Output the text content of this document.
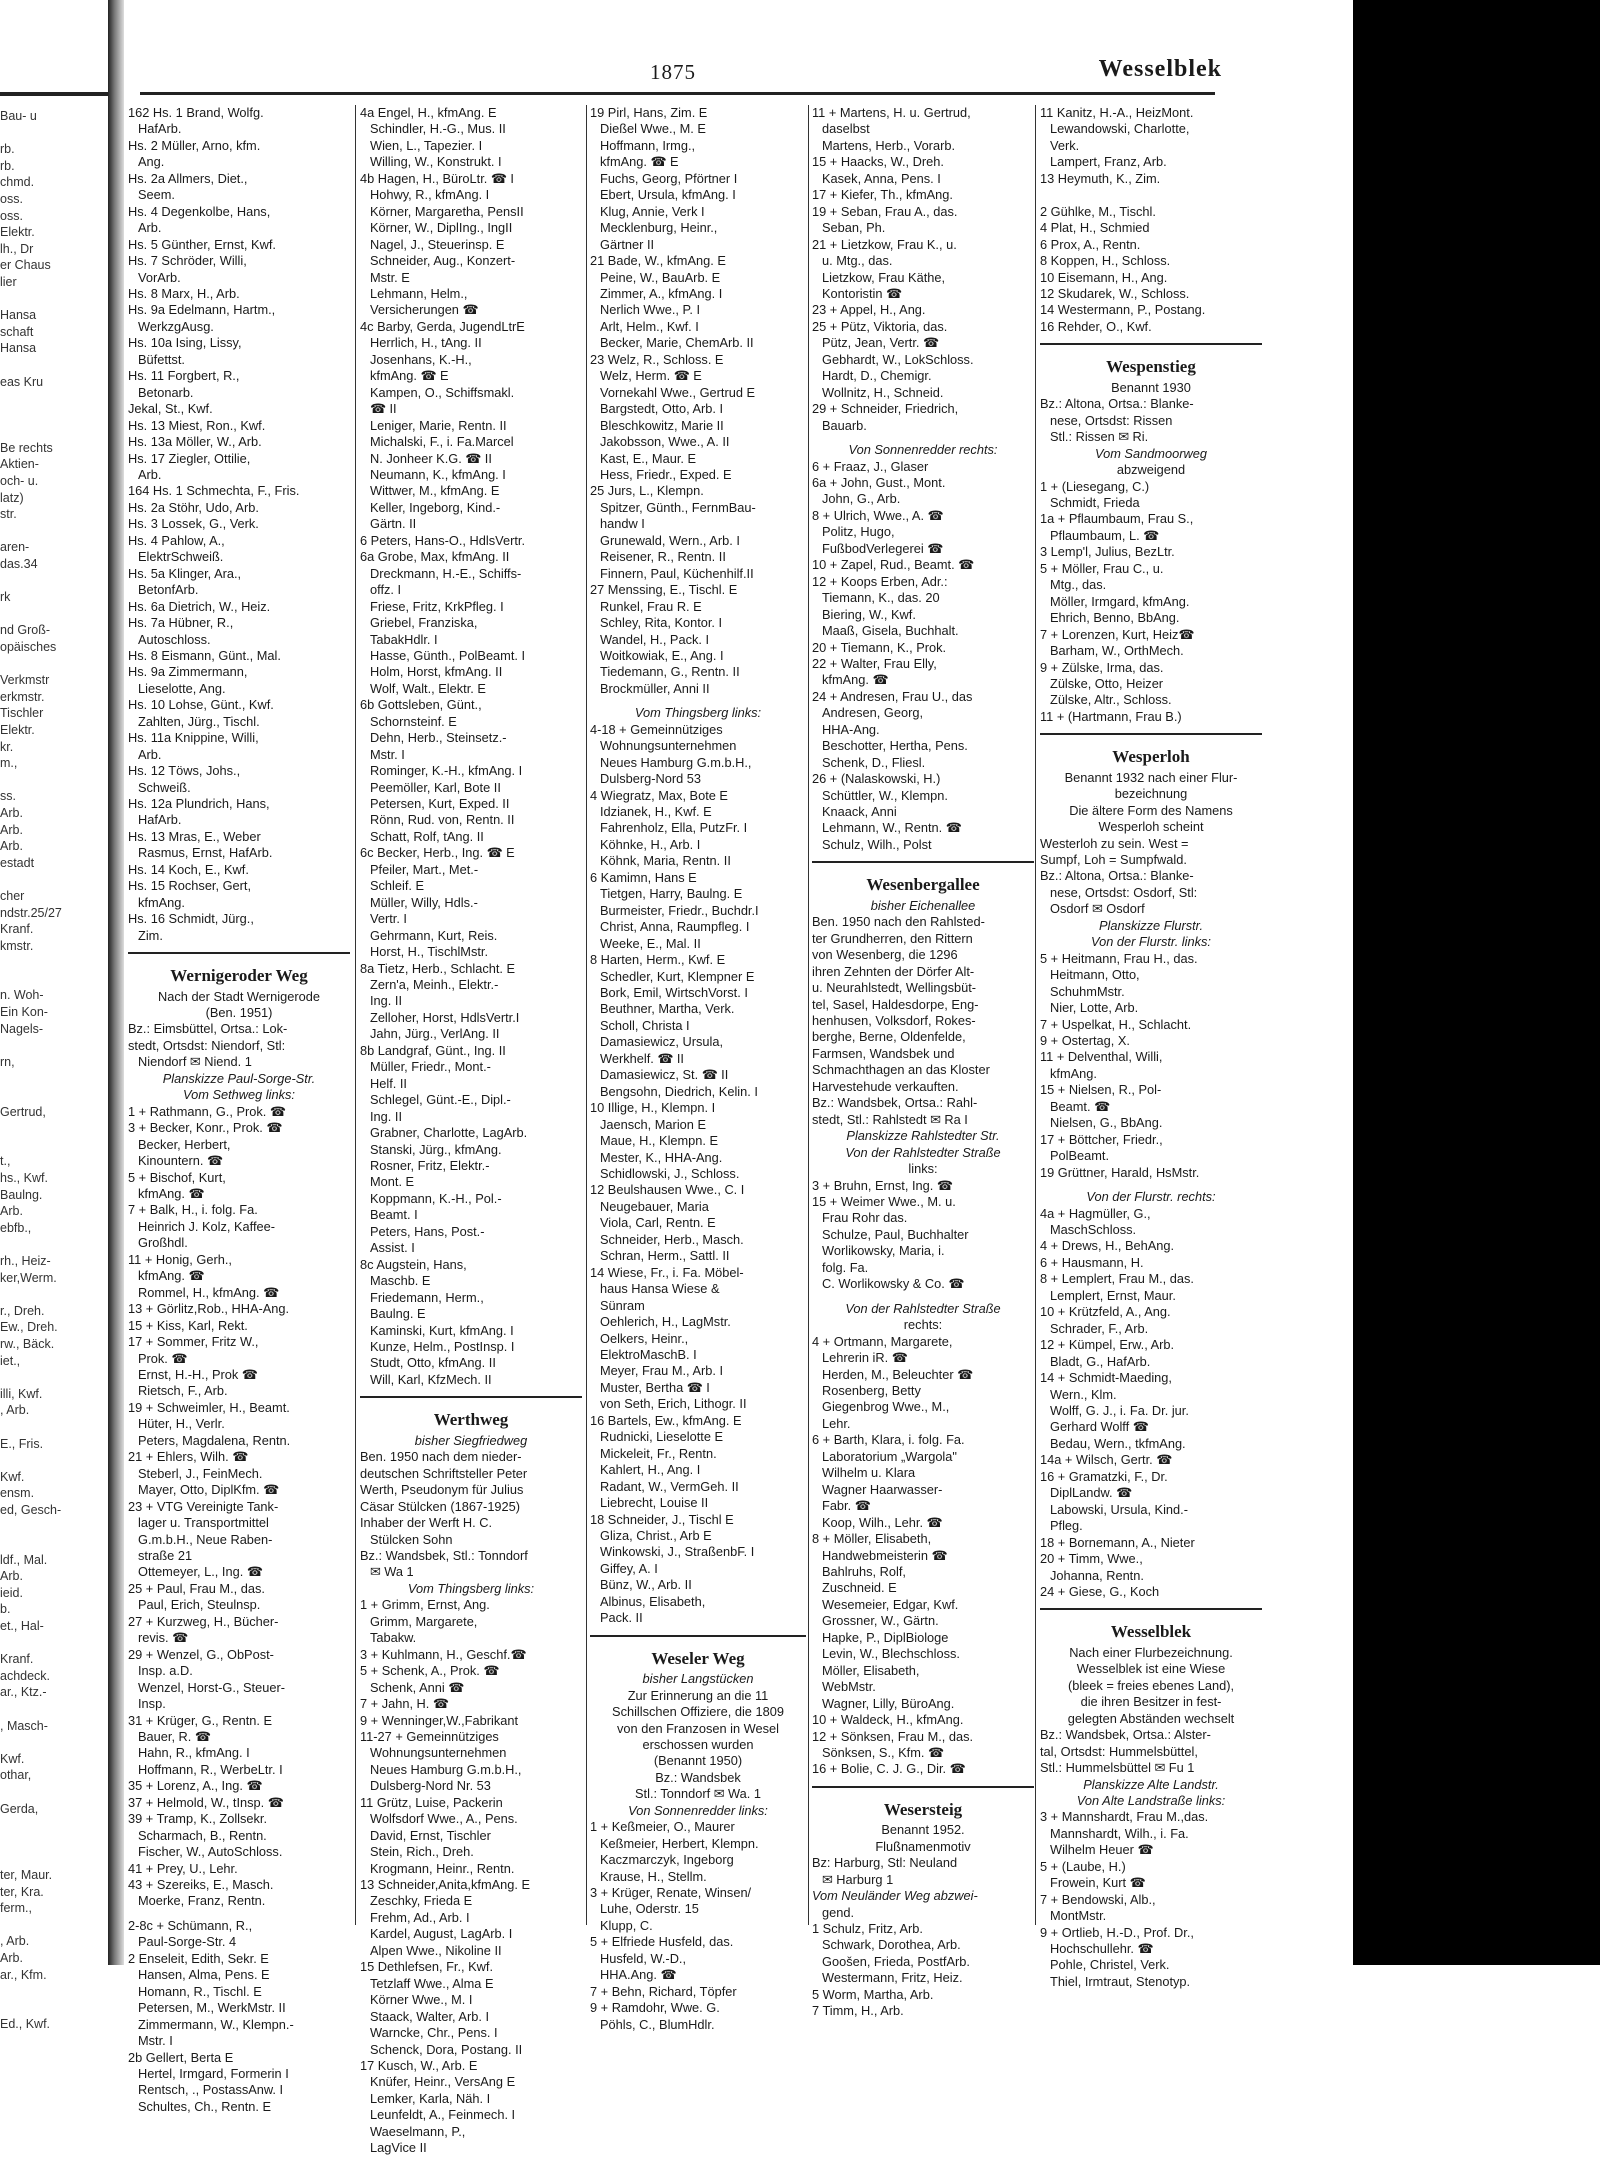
1875	Wesselblek
Bau- u

rb.
rb.
chmd.
oss.
oss.
Elektr.
lh., Dr
er Chaus
lier

Hansa
schaft
Hansa

eas Kru

Be rechts
Aktien-
och- u.
latz)
str.

aren-
das.34

rk

nd Groß-
opäisches

Verkmstr
erkmstr.
Tischler
Elektr.
kr.
m.,

ss.
Arb.
Arb.
Arb.
estadt

cher
ndstr.25/27
Kranf.
kmstr.

n. Woh-
Ein Kon-
Nagels-

rn,

Gertrud,

t.,
hs., Kwf.
Baulng.
Arb.
ebfb.,

rh., Heiz-
ker,Werm.

r., Dreh.
Ew., Dreh.
rw., Bäck.
iet.,

illi, Kwf.
, Arb.

E., Fris.

Kwf.
ensm.
ed, Gesch-

ldf., Mal.
Arb.
ieid.
b.
et., Hal-

Kranf.
achdeck.
ar., Ktz.-

, Masch-

Kwf.
othar,

Gerda,

ter, Maur.
ter, Kra.
ferm.,

, Arb.
Arb.
ar., Kfm.

Ed., Kwf.
162 Hs. 1 Brand, Wolfg.
HafArb.
Hs. 2 Müller, Arno, kfm.
Ang.
Hs. 2a Allmers, Diet.,
Seem.
Hs. 4 Degenkolbe, Hans,
Arb.
Hs. 5 Günther, Ernst, Kwf.
Hs. 7 Schröder, Willi,
VorArb.
Hs. 8 Marx, H., Arb.
Hs. 9a Edelmann, Hartm.,
WerkzgAusg.
Hs. 10a Ising, Lissy,
Büfettst.
Hs. 11 Forgbert, R.,
Betonarb.
Jekal, St., Kwf.
Hs. 13 Miest, Ron., Kwf.
Hs. 13a Möller, W., Arb.
Hs. 17 Ziegler, Ottilie,
Arb.
164 Hs. 1 Schmechta, F., Fris.
Hs. 2a Stöhr, Udo, Arb.
Hs. 3 Lossek, G., Verk.
Hs. 4 Pahlow, A.,
ElektrSchweiß.
Hs. 5a Klinger, Ara.,
BetonfArb.
Hs. 6a Dietrich, W., Heiz.
Hs. 7a Hübner, R.,
Autoschloss.
Hs. 8 Eismann, Günt., Mal.
Hs. 9a Zimmermann,
Lieselotte, Ang.
Hs. 10 Lohse, Günt., Kwf.
Zahlten, Jürg., Tischl.
Hs. 11a Knippine, Willi,
Arb.
Hs. 12 Töws, Johs.,
Schweiß.
Hs. 12a Plundrich, Hans,
HafArb.
Hs. 13 Mras, E., Weber
Rasmus, Ernst, HafArb.
Hs. 14 Koch, E., Kwf.
Hs. 15 Rochser, Gert,
kfmAng.
Hs. 16 Schmidt, Jürg.,
Zim.
Wernigeroder Weg
Nach der Stadt Wernigerode
(Ben. 1951)
Bz.: Eimsbüttel, Ortsa.: Lok-
stedt, Ortsdst: Niendorf, Stl:
Niendorf ✉ Niend. 1
Planskizze Paul-Sorge-Str.
Vom Sethweg links:
1 + Rathmann, G., Prok. ☎
3 + Becker, Konr., Prok. ☎
Becker, Herbert,
Kinountern. ☎
5 + Bischof, Kurt,
kfmAng. ☎
7 + Balk, H., i. folg. Fa.
Heinrich J. Kolz, Kaffee-
Großhdl.
11 + Honig, Gerh.,
kfmAng. ☎
Rommel, H., kfmAng. ☎
13 + Görlitz,Rob., HHA-Ang.
15 + Kiss, Karl, Rekt.
17 + Sommer, Fritz W.,
Prok. ☎
Ernst, H.-H., Prok ☎
Rietsch, F., Arb.
19 + Schweimler, H., Beamt.
Hüter, H., Verlr.
Peters, Magdalena, Rentn.
21 + Ehlers, Wilh. ☎
Steberl, J., FeinMech.
Mayer, Otto, DiplKfm. ☎
23 + VTG Vereinigte Tank-
lager u. Transportmittel
G.m.b.H., Neue Raben-
straße 21
Ottemeyer, L., Ing. ☎
25 + Paul, Frau M., das.
Paul, Erich, Steulnsp.
27 + Kurzweg, H., Bücher-
revis. ☎
29 + Wenzel, G., ObPost-
Insp. a.D.
Wenzel, Horst-G., Steuer-
Insp.
31 + Krüger, G., Rentn. E
Bauer, R. ☎
Hahn, R., kfmAng. I
Hoffmann, R., WerbeLtr. I
35 + Lorenz, A., Ing. ☎
37 + Helmold, W., tInsp. ☎
39 + Tramp, K., Zollsekr.
Scharmach, B., Rentn.
Fischer, W., AutoSchloss.
41 + Prey, U., Lehr.
43 + Szereiks, E., Masch.
Moerke, Franz, Rentn.
2-8c + Schümann, R.,
Paul-Sorge-Str. 4
2 Enseleit, Edith, Sekr. E
Hansen, Alma, Pens. E
Homann, R., Tischl. E
Petersen, M., WerkMstr. II
Zimmermann, W., Klempn.-
Mstr. I
2b Gellert, Berta E
Hertel, Irmgard, Formerin I
Rentsch, ., PostassAnw. I
Schultes, Ch., Rentn. E
4a Engel, H., kfmAng. E
Schindler, H.-G., Mus. II
Wien, L., Tapezier. I
Willing, W., Konstrukt. I
4b Hagen, H., BüroLtr. ☎ I
Hohwy, R., kfmAng. I
Körner, Margaretha, PensII
Körner, W., DiplIng., IngII
Nagel, J., Steuerinsp. E
Schneider, Aug., Konzert-
Mstr. E
Lehmann, Helm.,
Versicherungen ☎
4c Barby, Gerda, JugendLtrE
Herrlich, H., tAng. II
Josenhans, K.-H.,
kfmAng. ☎ E
Kampen, O., Schiffsmakl.
☎ II
Leniger, Marie, Rentn. II
Michalski, F., i. Fa.Marcel
N. Jonheer K.G. ☎ II
Neumann, K., kfmAng. I
Wittwer, M., kfmAng. E
Keller, Ingeborg, Kind.-
Gärtn. II
6 Peters, Hans-O., HdlsVertr.
6a Grobe, Max, kfmAng. II
Dreckmann, H.-E., Schiffs-
offz. I
Friese, Fritz, KrkPfleg. I
Griebel, Franziska,
TabakHdlr. I
Hasse, Günth., PolBeamt. I
Holm, Horst, kfmAng. II
Wolf, Walt., Elektr. E
6b Gottsleben, Günt.,
Schornsteinf. E
Dehn, Herb., Steinsetz.-
Mstr. I
Rominger, K.-H., kfmAng. I
Peemöller, Karl, Bote II
Petersen, Kurt, Exped. II
Rönn, Rud. von, Rentn. II
Schatt, Rolf, tAng. II
6c Becker, Herb., Ing. ☎ E
Pfeiler, Mart., Met.-
Schleif. E
Müller, Willy, Hdls.-
Vertr. I
Gehrmann, Kurt, Reis.
Horst, H., TischlMstr.
8a Tietz, Herb., Schlacht. E
Zern'a, Meinh., Elektr.-
Ing. II
Zelloher, Horst, HdlsVertr.I
Jahn, Jürg., VerlAng. II
8b Landgraf, Günt., Ing. II
Müller, Friedr., Mont.-
Helf. II
Schlegel, Günt.-E., Dipl.-
Ing. II
Grabner, Charlotte, LagArb.
Stanski, Jürg., kfmAng.
Rosner, Fritz, Elektr.-
Mont. E
Koppmann, K.-H., Pol.-
Beamt. I
Peters, Hans, Post.-
Assist. I
8c Augstein, Hans,
Maschb. E
Friedemann, Herm.,
Baulng. E
Kaminski, Kurt, kfmAng. I
Kunze, Helm., PostInsp. I
Studt, Otto, kfmAng. II
Will, Karl, KfzMech. II
Werthweg
bisher Siegfriedweg
Ben. 1950 nach dem nieder-
deutschen Schriftsteller Peter
Werth, Pseudonym für Julius
Cäsar Stülcken (1867-1925)
Inhaber der Werft H. C.
Stülcken Sohn
Bz.: Wandsbek, Stl.: Tonndorf
✉ Wa 1
Vom Thingsberg links:
1 + Grimm, Ernst, Ang.
Grimm, Margarete,
Tabakw.
3 + Kuhlmann, H., Geschf.☎
5 + Schenk, A., Prok. ☎
Schenk, Anni ☎
7 + Jahn, H. ☎
9 + Wenninger,W.,Fabrikant
11-27 + Gemeinnütziges
Wohnungsunternehmen
Neues Hamburg G.m.b.H.,
Dulsberg-Nord Nr. 53
11 Grütz, Luise, Packerin
Wolfsdorf Wwe., A., Pens.
David, Ernst, Tischler
Stein, Rich., Dreh.
Krogmann, Heinr., Rentn.
13 Schneider,Anita,kfmAng. E
Zeschky, Frieda E
Frehm, Ad., Arb. I
Kardel, August, LagArb. I
Alpen Wwe., Nikoline II
15 Dethlefsen, Fr., Kwf.
Tetzlaff Wwe., Alma E
Körner Wwe., M. I
Staack, Walter, Arb. I
Warncke, Chr., Pens. I
Schenck, Dora, Postang. II
17 Kusch, W., Arb. E
Knüfer, Heinr., VersAng E
Lemker, Karla, Näh. I
Leunfeldt, A., Feinmech. I
Waeselmann, P.,
LagVice II
19 Pirl, Hans, Zim. E
Dießel Wwe., M. E
Hoffmann, Irmg.,
kfmAng. ☎ E
Fuchs, Georg, Pförtner I
Ebert, Ursula, kfmAng. I
Klug, Annie, Verk I
Mecklenburg, Heinr.,
Gärtner II
21 Bade, W., kfmAng. E
Peine, W., BauArb. E
Zimmer, A., kfmAng. I
Nerlich Wwe., P. I
Arlt, Helm., Kwf. I
Becker, Marie, ChemArb. II
23 Welz, R., Schloss. E
Welz, Herm. ☎ E
Vornekahl Wwe., Gertrud E
Bargstedt, Otto, Arb. I
Bleschkowitz, Marie II
Jakobsson, Wwe., A. II
Kast, E., Maur. E
Hess, Friedr., Exped. E
25 Jurs, L., Klempn.
Spitzer, Günth., FernmBau-
handw I
Grunewald, Wern., Arb. I
Reisener, R., Rentn. II
Finnern, Paul, Küchenhilf.II
27 Menssing, E., Tischl. E
Runkel, Frau R. E
Schley, Rita, Kontor. I
Wandel, H., Pack. I
Woitkowiak, E., Ang. I
Tiedemann, G., Rentn. II
Brockmüller, Anni II
Vom Thingsberg links:
4-18 + Gemeinnütziges
Wohnungsunternehmen
Neues Hamburg G.m.b.H.,
Dulsberg-Nord 53
4 Wiegratz, Max, Bote E
Idzianek, H., Kwf. E
Fahrenholz, Ella, PutzFr. I
Köhnke, H., Arb. I
Köhnk, Maria, Rentn. II
6 Kamimn, Hans E
Tietgen, Harry, Baulng. E
Burmeister, Friedr., Buchdr.I
Christ, Anna, Raumpfleg. I
Weeke, E., Mal. II
8 Harten, Herm., Kwf. E
Schedler, Kurt, Klempner E
Bork, Emil, WirtschVorst. I
Beuthner, Martha, Verk.
Scholl, Christa I
Damasiewicz, Ursula,
Werkhelf. ☎ II
Damasiewicz, St. ☎ II
Bengsohn, Diedrich, Kelin. I
10 Illige, H., Klempn. I
Jaensch, Marion E
Maue, H., Klempn. E
Mester, K., HHA-Ang.
Schidlowski, J., Schloss.
12 Beulshausen Wwe., C. I
Neugebauer, Maria
Viola, Carl, Rentn. E
Schneider, Herb., Masch.
Schran, Herm., Sattl. II
14 Wiese, Fr., i. Fa. Möbel-
haus Hansa Wiese &
Sünram
Oehlerich, H., LagMstr.
Oelkers, Heinr.,
ElektroMaschB. I
Meyer, Frau M., Arb. I
Muster, Bertha ☎ I
von Seth, Erich, Lithogr. II
16 Bartels, Ew., kfmAng. E
Rudnicki, Lieselotte E
Mickeleit, Fr., Rentn.
Kahlert, H., Ang. I
Radant, W., VermGeh. II
Liebrecht, Louise II
18 Schneider, J., Tischl E
Gliza, Christ., Arb E
Winkowski, J., StraßenbF. I
Giffey, A. I
Bünz, W., Arb. II
Albinus, Elisabeth,
Pack. II
Weseler Weg
bisher Langstücken
Zur Erinnerung an die 11
Schillschen Offiziere, die 1809
von den Franzosen in Wesel
erschossen wurden
(Benannt 1950)
Bz.: Wandsbek
Stl.: Tonndorf ✉ Wa. 1
Von Sonnenredder links:
1 + Keßmeier, O., Maurer
Keßmeier, Herbert, Klempn.
Kaczmarczyk, Ingeborg
Krause, H., Stellm.
3 + Krüger, Renate, Winsen/
Luhe, Oderstr. 15
Klupp, C.
5 + Elfriede Husfeld, das.
Husfeld, W.-D.,
HHA.Ang. ☎
7 + Behn, Richard, Töpfer
9 + Ramdohr, Wwe. G.
Pöhls, C., BlumHdlr.
11 + Martens, H. u. Gertrud,
daselbst
Martens, Herb., Vorarb.
15 + Haacks, W., Dreh.
Kasek, Anna, Pens. I
17 + Kiefer, Th., kfmAng.
19 + Seban, Frau A., das.
Seban, Ph.
21 + Lietzkow, Frau K., u.
u. Mtg., das.
Lietzkow, Frau Käthe,
Kontoristin ☎
23 + Appel, H., Ang.
25 + Pütz, Viktoria, das.
Pütz, Jean, Vertr. ☎
Gebhardt, W., LokSchloss.
Hardt, D., Chemigr.
Wollnitz, H., Schneid.
29 + Schneider, Friedrich,
Bauarb.
Von Sonnenredder rechts:
6 + Fraaz, J., Glaser
6a + John, Gust., Mont.
John, G., Arb.
8 + Ulrich, Wwe., A. ☎
Politz, Hugo,
FußbodVerlegerei ☎
10 + Zapel, Rud., Beamt. ☎
12 + Koops Erben, Adr.:
Tiemann, K., das. 20
Biering, W., Kwf.
Maaß, Gisela, Buchhalt.
20 + Tiemann, K., Prok.
22 + Walter, Frau Elly,
kfmAng. ☎
24 + Andresen, Frau U., das
Andresen, Georg,
HHA-Ang.
Beschotter, Hertha, Pens.
Schenk, D., Fliesl.
26 + (Nalaskowski, H.)
Schüttler, W., Klempn.
Knaack, Anni
Lehmann, W., Rentn. ☎
Schulz, Wilh., Polst
Wesenbergallee
bisher Eichenallee
Ben. 1950 nach den Rahlsted-
ter Grundherren, den Rittern
von Wesenberg, die 1296
ihren Zehnten der Dörfer Alt-
u. Neurahlstedt, Wellingsbüt-
tel, Sasel, Haldesdorpe, Eng-
henhusen, Volksdorf, Rokes-
berghe, Berne, Oldenfelde,
Farmsen, Wandsbek und
Schmachthagen an das Kloster
Harvestehude verkauften.
Bz.: Wandsbek, Ortsa.: Rahl-
stedt, Stl.: Rahlstedt ✉ Ra I
Planskizze Rahlstedter Str.
Von der Rahlstedter Straße
links:
3 + Bruhn, Ernst, Ing. ☎
15 + Weimer Wwe., M. u.
Frau Rohr das.
Schulze, Paul, Buchhalter
Worlikowsky, Maria, i.
folg. Fa.
C. Worlikowsky & Co. ☎
Von der Rahlstedter Straße
rechts:
4 + Ortmann, Margarete,
Lehrerin iR. ☎
Herden, M., Beleuchter ☎
Rosenberg, Betty
Giegenbrog Wwe., M.,
Lehr.
6 + Barth, Klara, i. folg. Fa.
Laboratorium „Wargola"
Wilhelm u. Klara
Wagner Haarwasser-
Fabr. ☎
Koop, Wilh., Lehr. ☎
8 + Möller, Elisabeth,
Handwebmeisterin ☎
Bahlruhs, Rolf,
Zuschneid. E
Wesemeier, Edgar, Kwf.
Grossner, W., Gärtn.
Hapke, P., DiplBiologe
Levin, W., Blechschloss.
Möller, Elisabeth,
WebMstr.
Wagner, Lilly, BüroAng.
10 + Waldeck, H., kfmAng.
12 + Sönksen, Frau M., das.
Sönksen, S., Kfm. ☎
16 + Bolie, C. J. G., Dir. ☎
Wesersteig
Benannt 1952.
Flußnamenmotiv
Bz: Harburg, Stl: Neuland
✉ Harburg 1
Vom Neuländer Weg abzwei-
gend.
1 Schulz, Fritz, Arb.
Schwark, Dorothea, Arb.
Goošen, Frieda, PostfArb.
Westermann, Fritz, Heiz.
5 Worm, Martha, Arb.
7 Timm, H., Arb.
11 Kanitz, H.-A., HeizMont.
Lewandowski, Charlotte,
Verk.
Lampert, Franz, Arb.
13 Heymuth, K., Zim.

2 Gühlke, M., Tischl.
4 Plat, H., Schmied
6 Prox, A., Rentn.
8 Koppen, H., Schloss.
10 Eisemann, H., Ang.
12 Skudarek, W., Schloss.
14 Westermann, P., Postang.
16 Rehder, O., Kwf.
Wespenstieg
Benannt 1930
Bz.: Altona, Ortsa.: Blanke-
nese, Ortsdst: Rissen
Stl.: Rissen ✉ Ri.
Vom Sandmoorweg
abzweigend
1 + (Liesegang, C.)
Schmidt, Frieda
1a + Pflaumbaum, Frau S.,
Pflaumbaum, L. ☎
3 Lemp'l, Julius, BezLtr.
5 + Möller, Frau C., u.
Mtg., das.
Möller, Irmgard, kfmAng.
Ehrich, Benno, BbAng.
7 + Lorenzen, Kurt, Heiz☎
Barham, W., OrthMech.
9 + Zülske, Irma, das.
Zülske, Otto, Heizer
Zülske, Altr., Schloss.
11 + (Hartmann, Frau B.)
Wesperloh
Benannt 1932 nach einer Flur-
bezeichnung
Die ältere Form des Namens
Wesperloh scheint
Westerloh zu sein. West =
Sumpf, Loh = Sumpfwald.
Bz.: Altona, Ortsa.: Blanke-
nese, Ortsdst: Osdorf, Stl:
Osdorf ✉ Osdorf
Planskizze Flurstr.
Von der Flurstr. links:
5 + Heitmann, Frau H., das.
Heitmann, Otto,
SchuhmMstr.
Nier, Lotte, Arb.
7 + Uspelkat, H., Schlacht.
9 + Ostertag, X.
11 + Delventhal, Willi,
kfmAng.
15 + Nielsen, R., Pol-
Beamt. ☎
Nielsen, G., BbAng.
17 + Böttcher, Friedr.,
PolBeamt.
19 Grüttner, Harald, HsMstr.
Von der Flurstr. rechts:
4a + Hagmüller, G.,
MaschSchloss.
4 + Drews, H., BehAng.
6 + Hausmann, H.
8 + Lemplert, Frau M., das.
Lemplert, Ernst, Maur.
10 + Krützfeld, A., Ang.
Schrader, F., Arb.
12 + Kümpel, Erw., Arb.
Bladt, G., HafArb.
14 + Schmidt-Maeding,
Wern., Klm.
Wolff, G. J., i. Fa. Dr. jur.
Gerhard Wolff ☎
Bedau, Wern., tkfmAng.
14a + Wilsch, Gertr. ☎
16 + Gramatzki, F., Dr.
DiplLandw. ☎
Labowski, Ursula, Kind.-
Pfleg.
18 + Bornemann, A., Nieter
20 + Timm, Wwe.,
Johanna, Rentn.
24 + Giese, G., Koch
Wesselblek
Nach einer Flurbezeichnung.
Wesselblek ist eine Wiese
(bleek = freies ebenes Land),
die ihren Besitzer in fest-
gelegten Abständen wechselt
Bz.: Wandsbek, Ortsa.: Alster-
tal, Ortsdst: Hummelsbüttel,
Stl.: Hummelsbüttel ✉ Fu 1
Planskizze Alte Landstr.
Von Alte Landstraße links:
3 + Mannshardt, Frau M.,das.
Mannshardt, Wilh., i. Fa.
Wilhelm Heuer ☎
5 + (Laube, H.)
Frowein, Kurt ☎
7 + Bendowski, Alb.,
MontMstr.
9 + Ortlieb, H.-D., Prof. Dr.,
Hochschullehr. ☎
Pohle, Christel, Verk.
Thiel, Irmtraut, Stenotyp.
